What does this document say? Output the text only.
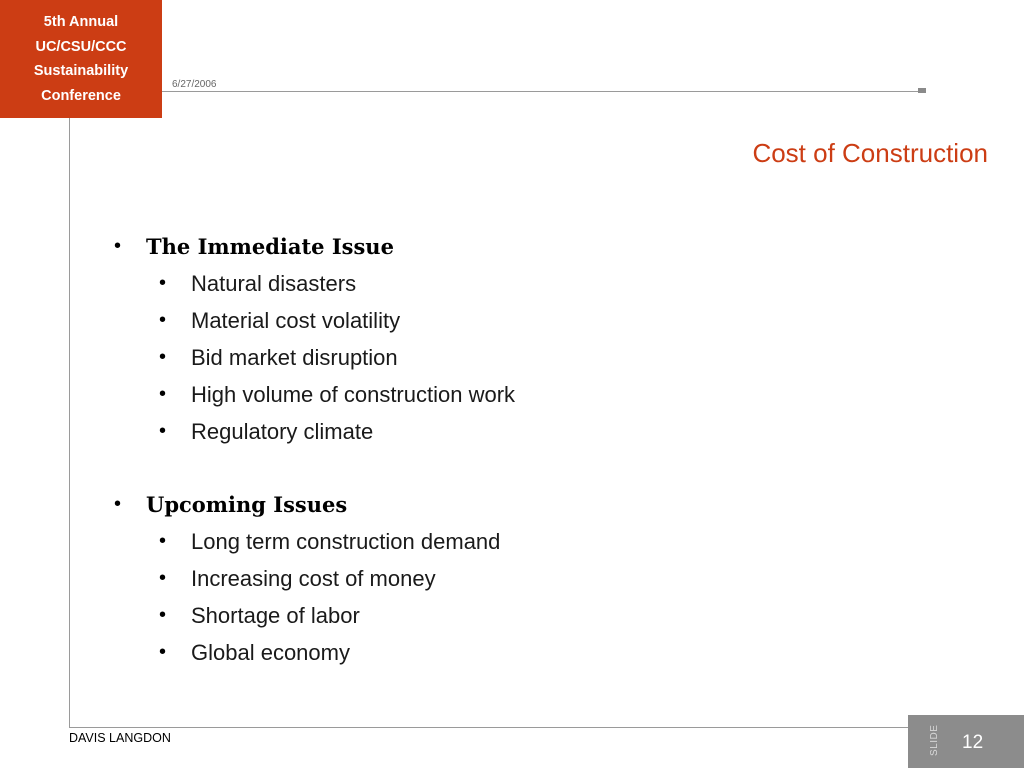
5th Annual
UC/CSU/CCC
Sustainability
Conference
6/27/2006
Cost of Construction
• The Immediate Issue
• Natural disasters
• Material cost volatility
• Bid market disruption
• High volume of construction work
• Regulatory climate
• Upcoming Issues
• Long term construction demand
• Increasing cost of money
• Shortage of labor
• Global economy
DAVIS LANGDON	SLIDE 12
